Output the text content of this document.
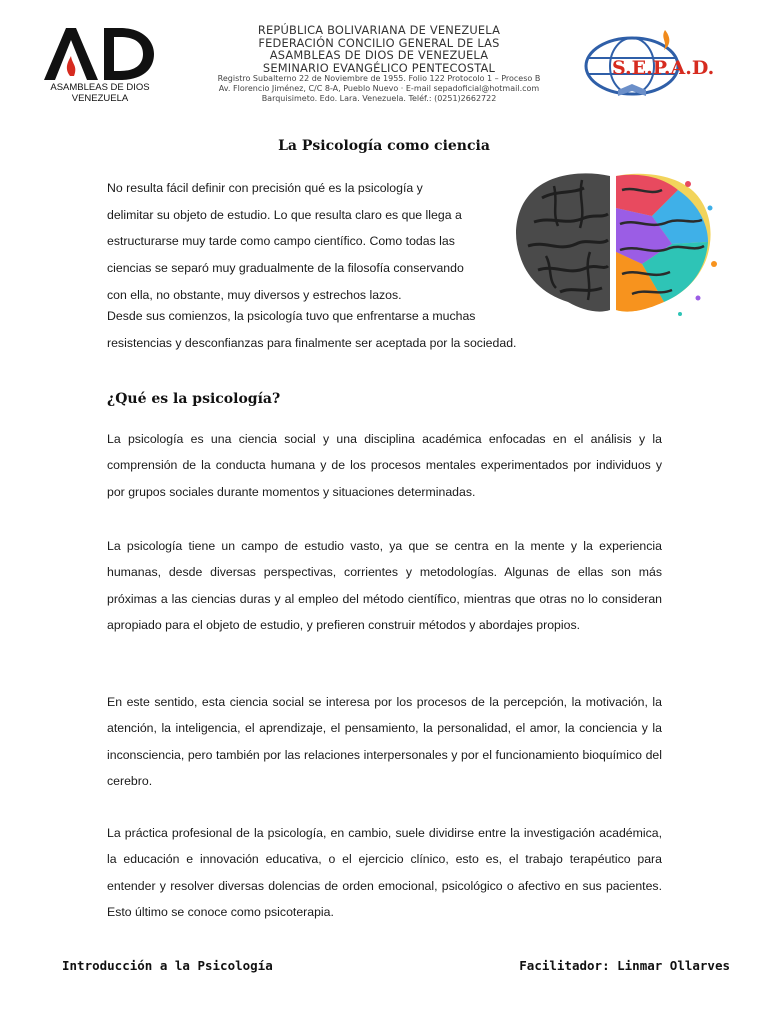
ASAMBLEAS DE DIOS
VENEZUELA
REPÚBLICA BOLIVARIANA DE VENEZUELA
FEDERACIÓN CONCILIO GENERAL DE LAS
ASAMBLEAS DE DIOS DE VENEZUELA
SEMINARIO EVANGÉLICO PENTECOSTAL
Registro Subalterno 22 de Noviembre de 1955. Folio 122 Protocolo 1 – Proceso B
Av. Florencio Jiménez, C/C 8-A, Pueblo Nuevo · E-mail sepadoficial@hotmail.com
Barquisimeto. Edo. Lara. Venezuela. Teléf.: (0251)2662722
S.E.P.A.D.
La Psicología como ciencia
No resulta fácil definir con precisión qué es la psicología y
delimitar su objeto de estudio. Lo que resulta claro es que llega a
estructurarse muy tarde como campo científico. Como todas las
ciencias se separó muy gradualmente de la filosofía conservando
con ella, no obstante, muy diversos y estrechos lazos.
Desde sus comienzos, la psicología tuvo que enfrentarse a muchas
resistencias y desconfianzas para finalmente ser aceptada por la sociedad.
¿Qué es la psicología?
La psicología es una ciencia social y una disciplina académica enfocadas en el análisis y la comprensión de la conducta humana y de los procesos mentales experimentados por individuos y por grupos sociales durante momentos y situaciones determinadas.
La psicología tiene un campo de estudio vasto, ya que se centra en la mente y la experiencia humanas, desde diversas perspectivas, corrientes y metodologías. Algunas de ellas son más próximas a las ciencias duras y al empleo del método científico, mientras que otras no lo consideran apropiado para el objeto de estudio, y prefieren construir métodos y abordajes propios.
En este sentido, esta ciencia social se interesa por los procesos de la percepción, la motivación, la atención, la inteligencia, el aprendizaje, el pensamiento, la personalidad, el amor, la conciencia y la inconsciencia, pero también por las relaciones interpersonales y por el funcionamiento bioquímico del cerebro.
La práctica profesional de la psicología, en cambio, suele dividirse entre la investigación académica, la educación e innovación educativa, o el ejercicio clínico, esto es, el trabajo terapéutico para entender y resolver diversas dolencias de orden emocional, psicológico o afectivo en sus pacientes. Esto último se conoce como psicoterapia.
Introducción a la Psicología	Facilitador: Linmar Ollarves
